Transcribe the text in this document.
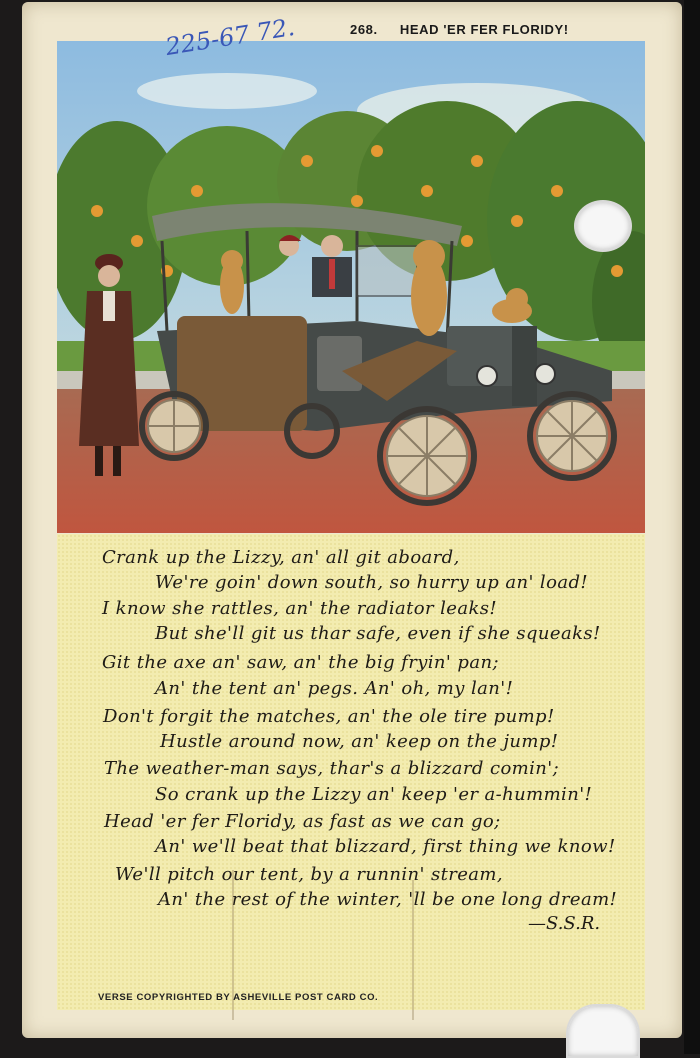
268. HEAD 'ER FER FLORIDY!
225-67 72.
Crank up the Lizzy, an' all git aboard,
We're goin' down south, so hurry up an' load!
I know she rattles, an' the radiator leaks!
But she'll git us thar safe, even if she squeaks!
Git the axe an' saw, an' the big fryin' pan;
An' the tent an' pegs. An' oh, my lan'!
Don't forgit the matches, an' the ole tire pump!
Hustle around now, an' keep on the jump!
The weather-man says, thar's a blizzard comin';
So crank up the Lizzy an' keep 'er a-hummin'!
Head 'er fer Floridy, as fast as we can go;
An' we'll beat that blizzard, first thing we know!
We'll pitch our tent, by a runnin' stream,
An' the rest of the winter, 'll be one long dream!
—S.S.R.
VERSE COPYRIGHTED BY ASHEVILLE POST CARD CO.
